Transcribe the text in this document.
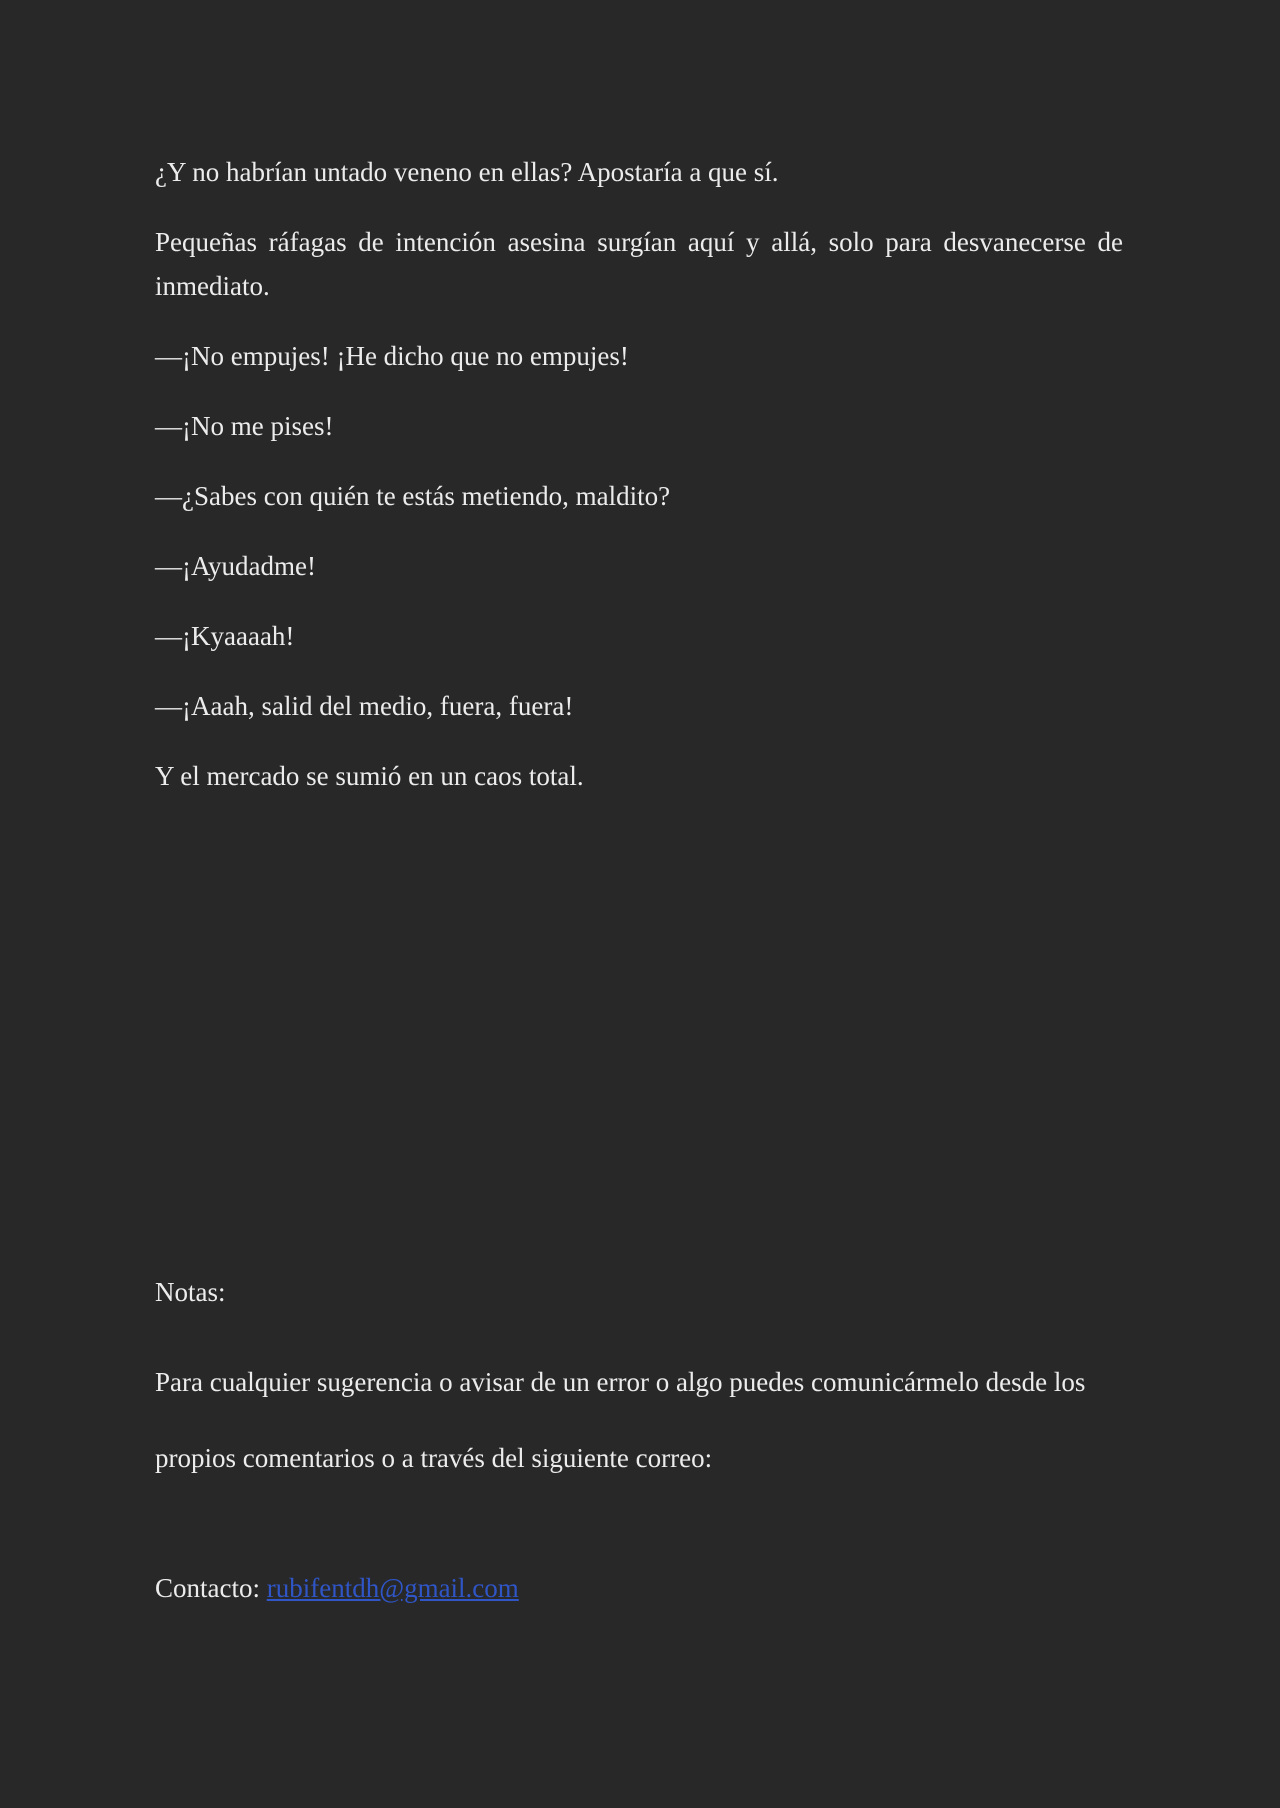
¿Y no habrían untado veneno en ellas? Apostaría a que sí.

Pequeñas ráfagas de intención asesina surgían aquí y allá, solo para desvanecerse de inmediato.

—¡No empujes! ¡He dicho que no empujes!

—¡No me pises!

—¿Sabes con quién te estás metiendo, maldito?

—¡Ayudadme!

—¡Kyaaaah!

—¡Aaah, salid del medio, fuera, fuera!

Y el mercado se sumió en un caos total.

Notas:

Para cualquier sugerencia o avisar de un error o algo puedes comunicármelo desde los propios comentarios o a través del siguiente correo:

Contacto: rubifentdh@gmail.com
